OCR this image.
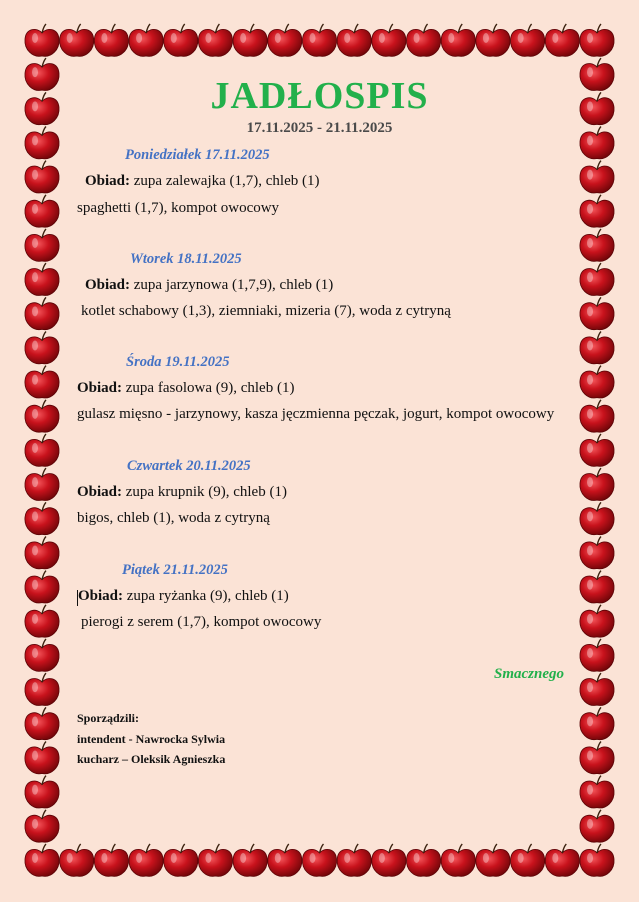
JADŁOSPIS
17.11.2025 - 21.11.2025
Poniedziałek 17.11.2025
Obiad: zupa zalewajka (1,7), chleb (1)
spaghetti (1,7), kompot owocowy
Wtorek 18.11.2025
Obiad: zupa jarzynowa (1,7,9), chleb (1)
kotlet schabowy (1,3), ziemniaki, mizeria (7), woda z cytryną
Środa 19.11.2025
Obiad: zupa fasolowa (9), chleb (1)
gulasz mięsno - jarzynowy, kasza jęczmienna pęczak, jogurt, kompot owocowy
Czwartek 20.11.2025
Obiad: zupa krupnik (9), chleb (1)
bigos, chleb (1), woda z cytryną
Piątek 21.11.2025
Obiad: zupa ryżanka (9), chleb (1)
pierogi z serem (1,7), kompot owocowy
Smacznego
Sporządzili:
intendent - Nawrocka Sylwia
kucharz – Oleksik Agnieszka
